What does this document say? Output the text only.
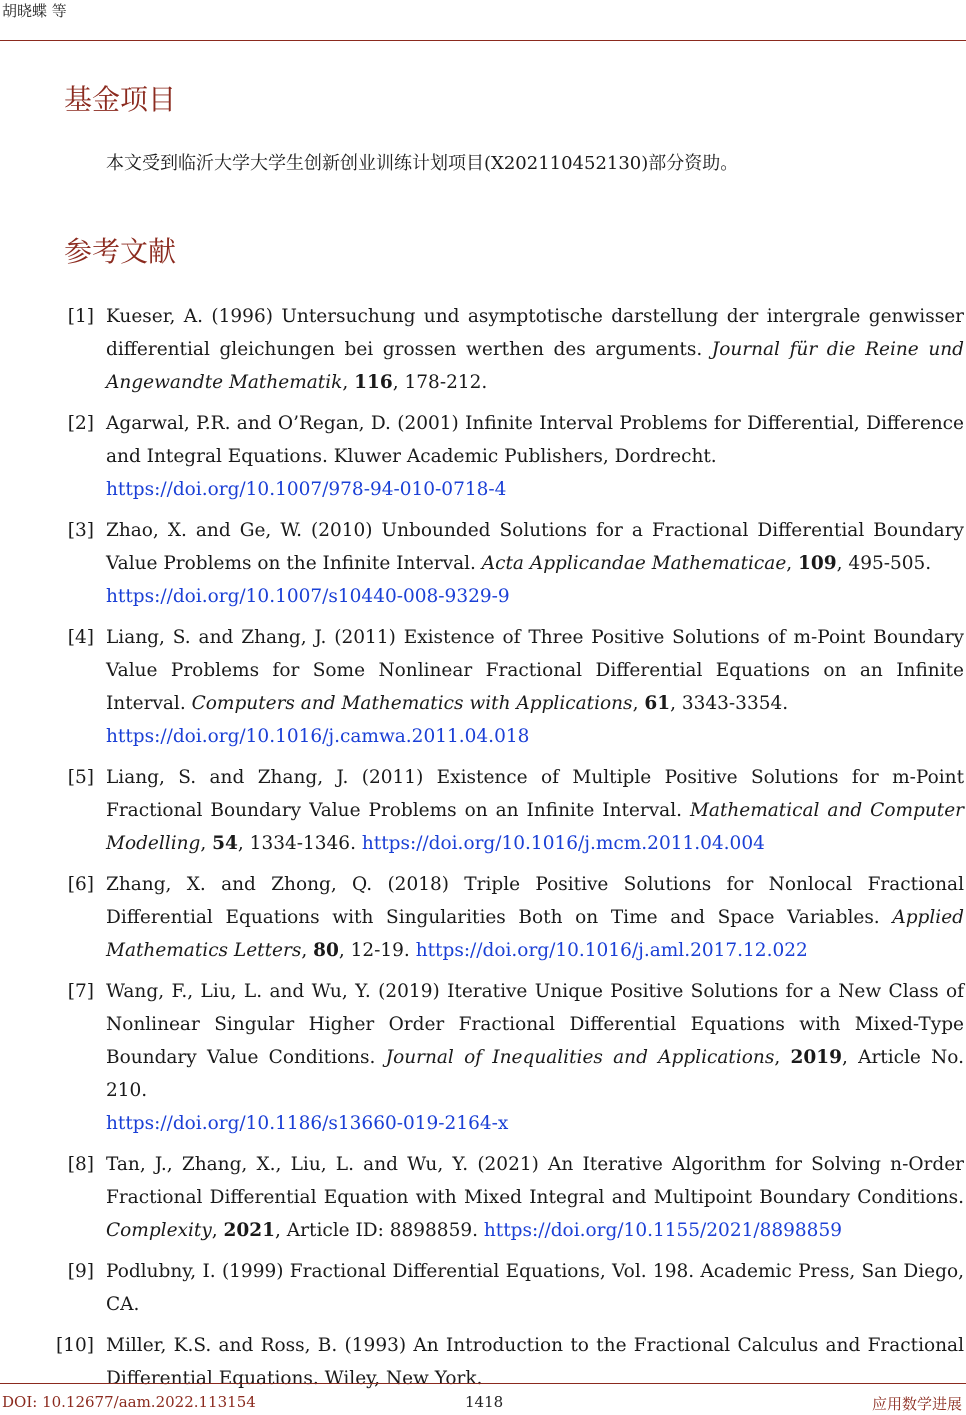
胡晓蝶 等
基金项目
本文受到临沂大学大学生创新创业训练计划项目(X202110452130)部分资助。
参考文献
[1] Kueser, A. (1996) Untersuchung und asymptotische darstellung der intergrale genwisser differential gleichungen bei grossen werthen des arguments. Journal für die Reine und Angewandte Mathematik, 116, 178-212.
[2] Agarwal, P.R. and O’Regan, D. (2001) Infinite Interval Problems for Differential, Difference and Integral Equations. Kluwer Academic Publishers, Dordrecht.
https://doi.org/10.1007/978-94-010-0718-4
[3] Zhao, X. and Ge, W. (2010) Unbounded Solutions for a Fractional Differential Boundary Value Problems on the Infinite Interval. Acta Applicandae Mathematicae, 109, 495-505.
https://doi.org/10.1007/s10440-008-9329-9
[4] Liang, S. and Zhang, J. (2011) Existence of Three Positive Solutions of m-Point Boundary Value Problems for Some Nonlinear Fractional Differential Equations on an Infinite Interval. Computers and Mathematics with Applications, 61, 3343-3354.
https://doi.org/10.1016/j.camwa.2011.04.018
[5] Liang, S. and Zhang, J. (2011) Existence of Multiple Positive Solutions for m-Point Fractional Boundary Value Problems on an Infinite Interval. Mathematical and Computer Modelling, 54, 1334-1346. https://doi.org/10.1016/j.mcm.2011.04.004
[6] Zhang, X. and Zhong, Q. (2018) Triple Positive Solutions for Nonlocal Fractional Differential Equations with Singularities Both on Time and Space Variables. Applied Mathematics Letters, 80, 12-19. https://doi.org/10.1016/j.aml.2017.12.022
[7] Wang, F., Liu, L. and Wu, Y. (2019) Iterative Unique Positive Solutions for a New Class of Nonlinear Singular Higher Order Fractional Differential Equations with Mixed-Type Boundary Value Conditions. Journal of Inequalities and Applications, 2019, Article No. 210.
https://doi.org/10.1186/s13660-019-2164-x
[8] Tan, J., Zhang, X., Liu, L. and Wu, Y. (2021) An Iterative Algorithm for Solving n-Order Fractional Differential Equation with Mixed Integral and Multipoint Boundary Conditions. Complexity, 2021, Article ID: 8898859. https://doi.org/10.1155/2021/8898859
[9] Podlubny, I. (1999) Fractional Differential Equations, Vol. 198. Academic Press, San Diego, CA.
[10] Miller, K.S. and Ross, B. (1993) An Introduction to the Fractional Calculus and Fractional Differential Equations. Wiley, New York.
DOI: 10.12677/aam.2022.113154	1418	应用数学进展
